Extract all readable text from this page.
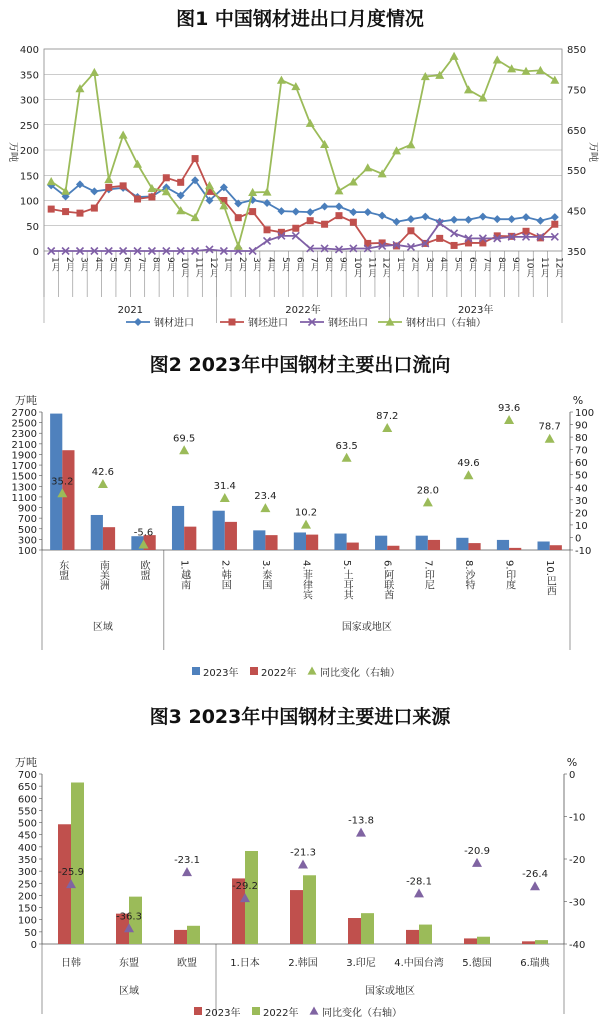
图1 中国钢材进出口月度情况
0
50
100
150
200
250
300
350
400
350
450
550
650
750
850
万吨	万吨
1月 2月 3月 4月 5月 6月 7月 8月 9月 10月 11月 12月 1月 2月 3月 4月 5月 6月 7月 8月 9月 10月 11月 12月 1月 2月 3月 4月 5月 6月 7月 8月 9月 10月 11月 12月
2021	2022年	2023年
钢材进口	钢坯进口	钢坯出口	钢材出口（右轴）
图2 2023年中国钢材主要出口流向
100
300
500
700
900
1100
1300
1500
1700
1900
2100
2300
2500
2700
-10
0
10
20
30
40
50
60
70
80
90
100
万吨	%
35.2
东盟
42.6
南美洲
-5.6
欧盟
69.5
1.越南
31.4
2.韩国
23.4
3.泰国
10.2
4.菲律宾
63.5
5.土耳其
87.2
6.阿联酋
28.0
7.印尼
49.6
8.沙特
93.6
9.印度
78.7
10.巴西
区域	国家或地区
2023年 2022年 同比变化（右轴）
图3 2023年中国钢材主要进口来源
0
50
100
150
200
250
300
350
400
450
500
550
600
650
700
-40
-30
-20
-10
0
万吨	%
-25.9
日韩
-36.3
东盟
-23.1
欧盟
-29.2
1.日本
-21.3
2.韩国
-13.8
3.印尼
-28.1
4.中国台湾
-20.9
5.德国
-26.4
6.瑞典
区域	国家或地区
2023年 2022年 同比变化（右轴）
